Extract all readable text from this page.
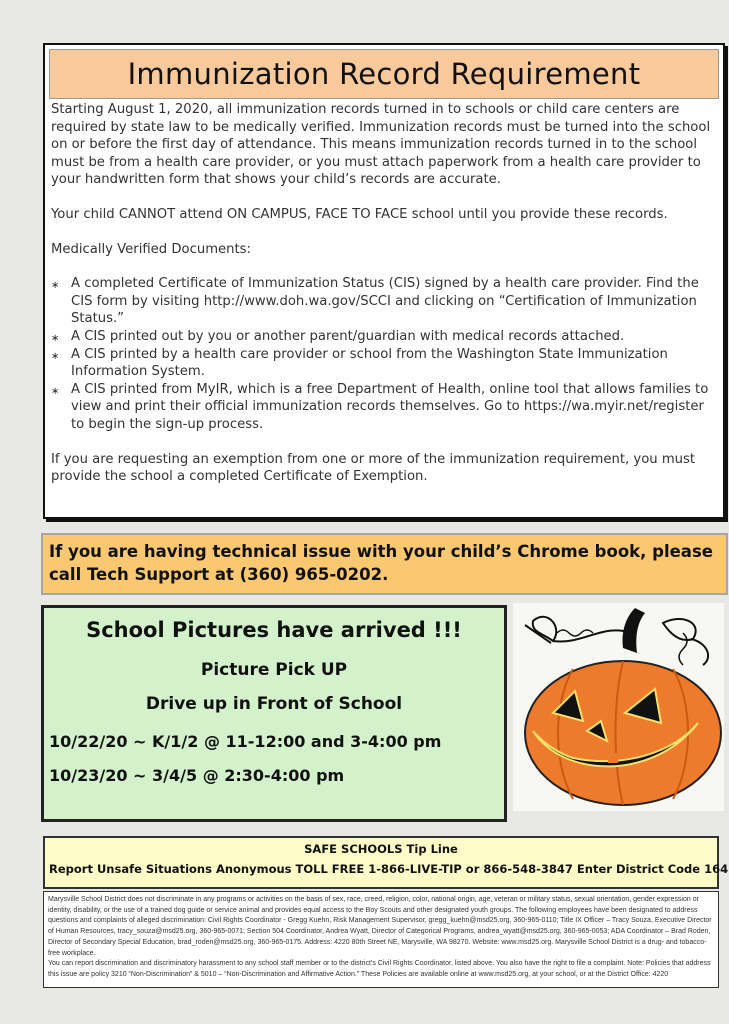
Immunization Record Requirement

Starting August 1, 2020, all immunization records turned in to schools or child care centers are required by state law to be medically verified. Immunization records must be turned into the school on or before the first day of attendance. This means immunization records turned in to the school must be from a health care provider, or you must attach paperwork from a health care provider to your handwritten form that shows your child’s records are accurate.

Your child CANNOT attend ON CAMPUS, FACE TO FACE school until you provide these records.

Medically Verified Documents:

∗ A completed Certificate of Immunization Status (CIS) signed by a health care provider. Find the CIS form by visiting http://www.doh.wa.gov/SCCI and clicking on “Certification of Immunization Status.”
∗ A CIS printed out by you or another parent/guardian with medical records attached.
∗ A CIS printed by a health care provider or school from the Washington State Immunization Information System.
∗ A CIS printed from MyIR, which is a free Department of Health, online tool that allows families to view and print their official immunization records themselves. Go to https://wa.myir.net/register to begin the sign-up process.

If you are requesting an exemption from one or more of the immunization requirement, you must provide the school a completed Certificate of Exemption.

If you are having technical issue with your child’s Chrome book, please call Tech Support at (360) 965-0202.
School Pictures have arrived !!!
Picture Pick UP
Drive up in Front of School
10/22/20 ~ K/1/2 @ 11-12:00 and 3-4:00 pm
10/23/20 ~ 3/4/5 @ 2:30-4:00 pm
SAFE SCHOOLS Tip Line
Report Unsafe Situations Anonymous TOLL FREE 1-866-LIVE-TIP or 866-548-3847 Enter District Code 164

Marysville School District does not discriminate in any programs or activities on the basis of sex, race, creed, religion, color, national origin, age, veteran or military status, sexual orientation, gender expression or identity, disability, or the use of a trained dog guide or service animal and provides equal access to the Boy Scouts and other designated youth groups. The following employees have been designated to address questions and complaints of alleged discrimination: Civil Rights Coordinator - Gregg Kuehn, Risk Management Supervisor, gregg_kuehn@msd25.org, 360-965-0110; Title IX Officer – Tracy Souza, Executive Director of Human Resources, tracy_souza@msd25.org, 360-965-0071; Section 504 Coordinator, Andrea Wyatt, Director of Categorical Programs, andrea_wyatt@msd25.org, 360-965-0053; ADA Coordinator – Brad Roden, Director of Secondary Special Education, brad_roden@msd25.org, 360-965-0175. Address: 4220 80th Street NE, Marysville, WA 98270. Website: www.msd25.org. Marysville School District is a drug- and tobacco-free workplace.

You can report discrimination and discriminatory harassment to any school staff member or to the district’s Civil Rights Coordinator, listed above. You also have the right to file a complaint. Note: Policies that address this issue are policy 3210 “Non-Discrimination” & 5010 – “Non-Discrimination and Affirmative Action.” These Policies are available online at www.msd25.org, at your school, or at the District Office: 4220
